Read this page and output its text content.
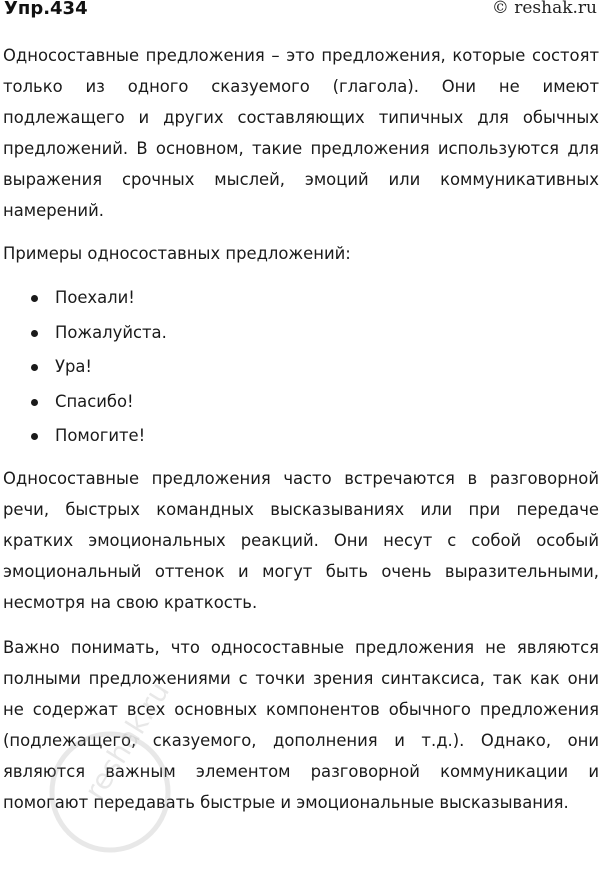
Упр.434	© reshak.ru

Односоставные предложения – это предложения, которые состоят только из одного сказуемого (глагола). Они не имеют подлежащего и других составляющих типичных для обычных предложений. В основном, такие предложения используются для выражения срочных мыслей, эмоций или коммуникативных намерений.

Примеры односоставных предложений:

Поехали!
Пожалуйста.
Ура!
Спасибо!
Помогите!

Односоставные предложения часто встречаются в разговорной речи, быстрых командных высказываниях или при передаче кратких эмоциональных реакций. Они несут с собой особый эмоциональный оттенок и могут быть очень выразительными, несмотря на свою краткость.

Важно понимать, что односоставные предложения не являются полными предложениями с точки зрения синтаксиса, так как они не содержат всех основных компонентов обычного предложения (подлежащего, сказуемого, дополнения и т.д.). Однако, они являются важным элементом разговорной коммуникации и помогают передавать быстрые и эмоциональные высказывания.

reshak.ru
